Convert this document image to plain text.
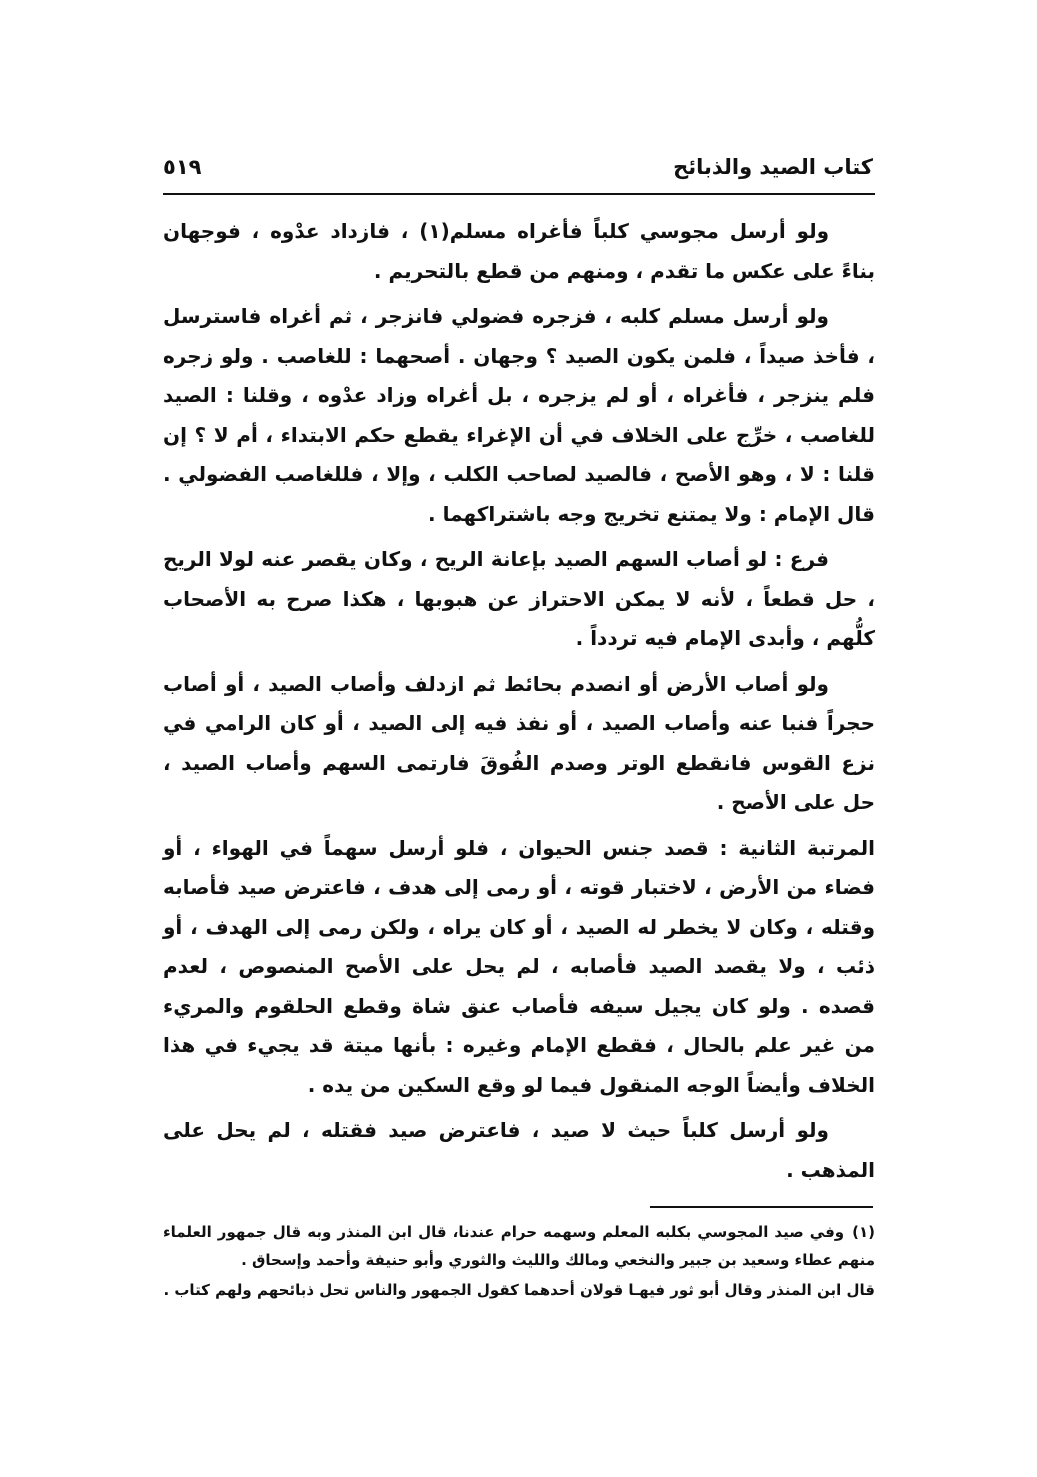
كتاب الصيد والذبائح
٥١٩

ولو أرسل مجوسي كلباً فأغراه مسلم(١) ، فازداد عدْوه ، فوجهان بناءً على عكس ما تقدم ، ومنهم من قطع بالتحريم .

ولو أرسل مسلم كلبه ، فزجره فضولي فانزجر ، ثم أغراه فاسترسل ، فأخذ صيداً ، فلمن يكون الصيد ؟ وجهان . أصحهما : للغاصب . ولو زجره فلم ينزجر ، فأغراه ، أو لم يزجره ، بل أغراه وزاد عدْوه ، وقلنا : الصيد للغاصب ، خرِّج على الخلاف في أن الإغراء يقطع حكم الابتداء ، أم لا ؟ إن قلنا : لا ، وهو الأصح ، فالصيد لصاحب الكلب ، وإلا ، فللغاصب الفضولي . قال الإمام : ولا يمتنع تخريج وجه باشتراكهما .

فرع : لو أصاب السهم الصيد بإعانة الريح ، وكان يقصر عنه لولا الريح ، حل قطعاً ، لأنه لا يمكن الاحتراز عن هبوبها ، هكذا صرح به الأصحاب كلُّهم ، وأبدى الإمام فيه تردداً .

ولو أصاب الأرض أو انصدم بحائط ثم ازدلف وأصاب الصيد ، أو أصاب حجراً فنبا عنه وأصاب الصيد ، أو نفذ فيه إلى الصيد ، أو كان الرامي في نزع القوس فانقطع الوتر وصدم الفُوقَ فارتمى السهم وأصاب الصيد ، حل على الأصح .

المرتبة الثانية : قصد جنس الحيوان ، فلو أرسل سهماً في الهواء ، أو فضاء من الأرض ، لاختبار قوته ، أو رمى إلى هدف ، فاعترض صيد فأصابه وقتله ، وكان لا يخطر له الصيد ، أو كان يراه ، ولكن رمى إلى الهدف ، أو ذئب ، ولا يقصد الصيد فأصابه ، لم يحل على الأصح المنصوص ، لعدم قصده . ولو كان يجيل سيفه فأصاب عنق شاة وقطع الحلقوم والمريء من غير علم بالحال ، فقطع الإمام وغيره : بأنها ميتة قد يجيء في هذا الخلاف وأيضاً الوجه المنقول فيما لو وقع السكين من يده .

ولو أرسل كلباً حيث لا صيد ، فاعترض صيد فقتله ، لم يحل على المذهب .

(١)وفي صيد المجوسي بكلبه المعلم وسهمه حرام عندنا، قال ابن المنذر وبه قال جمهور العلماء منهم عطاء وسعيد بن جبير والنخعي ومالك والليث والثوري وأبو حنيفة وأحمد وإسحاق .

قال ابن المنذر وقال أبو ثور فيهـا قولان أحدهما كقول الجمهور والناس تحل ذبائحهم ولهم كتاب .
